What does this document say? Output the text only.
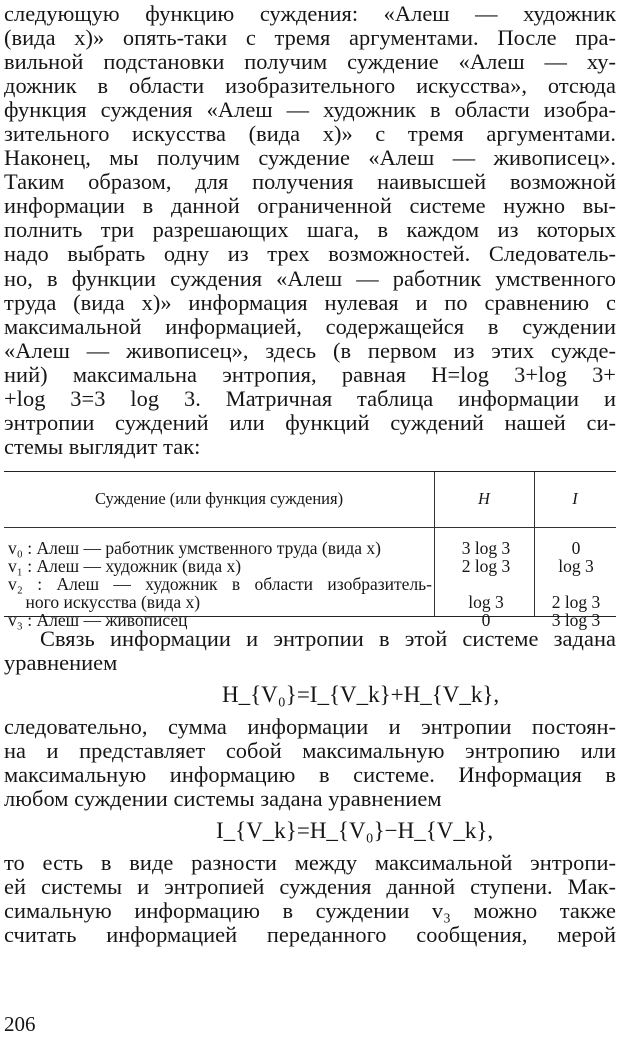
следующую функцию суждения: «Алеш — художник
(вида x)» опять-таки с тремя аргументами. После пра-
вильной подстановки получим суждение «Алеш — ху-
дожник в области изобразительного искусства», отсюда
функция суждения «Алеш — художник в области изобра-
зительного искусства (вида x)» с тремя аргументами.
Наконец, мы получим суждение «Алеш — живописец».
Таким образом, для получения наивысшей возможной
информации в данной ограниченной системе нужно вы-
полнить три разрешающих шага, в каждом из которых
надо выбрать одну из трех возможностей. Следователь-
но, в функции суждения «Алеш — работник умственного
труда (вида x)» информация нулевая и по сравнению с
максимальной информацией, содержащейся в суждении
«Алеш — живописец», здесь (в первом из этих сужде-
ний) максимальна энтропия, равная H=log 3+log 3+
+log 3=3 log 3. Матричная таблица информации и
энтропии суждений или функций суждений нашей си-
стемы выглядит так:
Суждение (или функция суждения)	H	I
v₀ : Алеш — работник умственного труда (вида x)	3 log 3	0
v₁ : Алеш — художник (вида x)	2 log 3	log 3
v₂ : Алеш — художник в области изобразитель-
ного искусства (вида x)	log 3	2 log 3
v₃ : Алеш — живописец	0	3 log 3
Связь информации и энтропии в этой системе задана
уравнением
H_{V₀}=I_{V_k}+H_{V_k},
следовательно, сумма информации и энтропии постоян-
на и представляет собой максимальную энтропию или
максимальную информацию в системе. Информация в
любом суждении системы задана уравнением
I_{V_k}=H_{V₀}−H_{V_k},
то есть в виде разности между максимальной энтропи-
ей системы и энтропией суждения данной ступени. Мак-
симальную информацию в суждении v₃ можно также
считать информацией переданного сообщения, мерой
206
